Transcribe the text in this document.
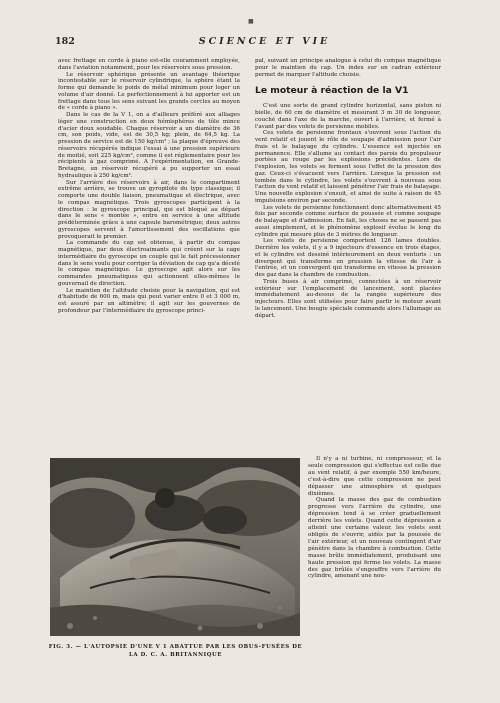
■
182	SCIENCE ET VIE

avec frettage en corde à piano est-elle couramment employée, dans l'aviation notamment, pour les réservoirs sous pression.

Le réservoir sphérique présente un avantage théorique incontestable sur le réservoir cylindrique, la sphère étant la forme qui demande le poids de métal minimum pour loger un volume d'air donné. Le perfectionnement à lui apporter est un frettage dans tous les sens suivant les grands cercles au moyen de « corde à piano ».

Dans le cas de la V 1, on a d'ailleurs préféré aux alliages léger une construction en deux hémisphères de tôle mince d'acier doux soudable. Chaque réservoir a un diamètre de 36 cm, son poids, vide, est de 30,5 kg; plein, de 64,5 kg. La pression de service est de 150 kg/cm² ; la plaque d'épreuve des réservoirs récupérés indique l'essai à une pression supérieure de moitié, soit 225 kg/cm², comme il est réglementaire pour les récipients à gaz comprimé. A l'expérimentation, en Grande-Bretagne, un réservoir récupéré a pu supporter un essai hydraulique à 250 kg/cm².

Sur l'arrière des réservoirs à air, dans le compartiment extrême arrière, se trouve un gyropilote du type classique; il comporte une double liaison, pneumatique et électrique, avec le compas magnétique. Trois gyroscopes participent à la direction : le gyroscope principal, qui est bloqué au départ dans le sens « montée », entre en service à une altitude prédéterminée grâce à une capsule barométrique; deux autres gyroscopes servent à l'amortissement des oscillations que provoquerait le premier.

La commande du cap est obtenue, à partir du compas magnétique, par deux électroaimants qui créent sur la cage intermédiaire du gyroscope un couple qui le fait précessionner dans le sens voulu pour corriger la déviation de cap qu'a décelé le compas magnétique. Le gyroscope agit alors sur les commandes pneumatiques qui actionnent elles-mêmes le gouvernail de direction.

Le maintien de l'altitude choisie pour la navigation, qui est d'habitude de 600 m, mais qui peut varier entre 0 et 3 000 m, est assuré par un altimètre; il agit sur les gouvernes de profondeur par l'intermédiaire du gyroscope princi-

pal, suivant un principe analogue à celui du compas magnétique pour le maintien du cap. Un index sur un cadran extérieur permet de marquer l'altitude choisie.

Le moteur à réaction de la V1

C'est une sorte de grand cylindre horizontal, sans piston ni bielle, de 60 cm de diamètre et mesurant 3 m 30 de longueur, couché dans l'axe de la marche, ouvert à l'arrière, et fermé à l'avant par des volets de persienne mobiles.

Ces volets de persienne frontaux s'ouvrent sous l'action du vent relatif et jouent le rôle de soupape d'admission pour l'air frais et le balayage du cylindre. L'essence est injectée en permanence. Elle s'allume au contact des parois du propulseur portées au rouge par les explosions précédentes. Lors de l'explosion, les volets se ferment sous l'effet de la pression des gaz. Ceux-ci s'évacuent vers l'arrière. Lorsque la pression est tombée dans le cylindre, les volets s'ouvrent à nouveau sous l'action du vent relatif et laissent pénétrer l'air frais de balayage. Une nouvelle explosion s'ensuit, et ainsi de suite à raison de 45 impulsions environ par seconde.

Les volets de persienne fonctionnent donc alternativement 45 fois par seconde comme surface de poussée et comme soupape de balayage et d'admission. En fait, les choses ne se passent pas aussi simplement, et le phénomène explosif évolue le long du cylindre qui mesure plus de 3 mètres de longueur.

Les volets de persienne comportent 126 lames doubles. Derrière les volets, il y a 9 injecteurs d'essence en trois étages, et le cylindre est dessiné intérieurement en deux venturis : un divergent qui transforme en pression la vitesse de l'air à l'entrée, et un convergent qui transforme en vitesse la pression des gaz dans la chambre de combustion.

Trois buses à air comprimé, connectées à un réservoir extérieur sur l'emplacement de lancement, sont placées immédiatement au-dessus de la rangée supérieure des injecteurs. Elles sont utilisées pour faire partir le moteur avant le lancement. Une bougie spéciale commande alors l'allumage au départ.

Il n'y a ni turbine, ni compresseur, et la seule compression qui s'effectue est celle due au vent relatif, à par exemple 550 km/heure, c'est-à-dire que cette compression ne peut dépasser une atmosphère et quelques dixièmes.

Quand la masse des gaz de combustion progresse vers l'arrière du cylindre, une dépression tend à se créer graduellement derrière les volets. Quand cette dépression a atteint une certaine valeur, les volets sont obligés de s'ouvrir, aidés par la poussée de l'air extérieur, et un nouveau contingent d'air pénètre dans la chambre à combustion. Cette masse brûle immédiatement, produisant une haute pression qui ferme les volets. La masse des gaz brûlés s'engouffre vers l'arrière du cylindre, amenant une nou-

FIG. 3. — L'AUTOPSIE D'UNE V 1 ABATTUE PAR LES OBUS-FUSÉES DE LA D. C. A. BRITANNIQUE
